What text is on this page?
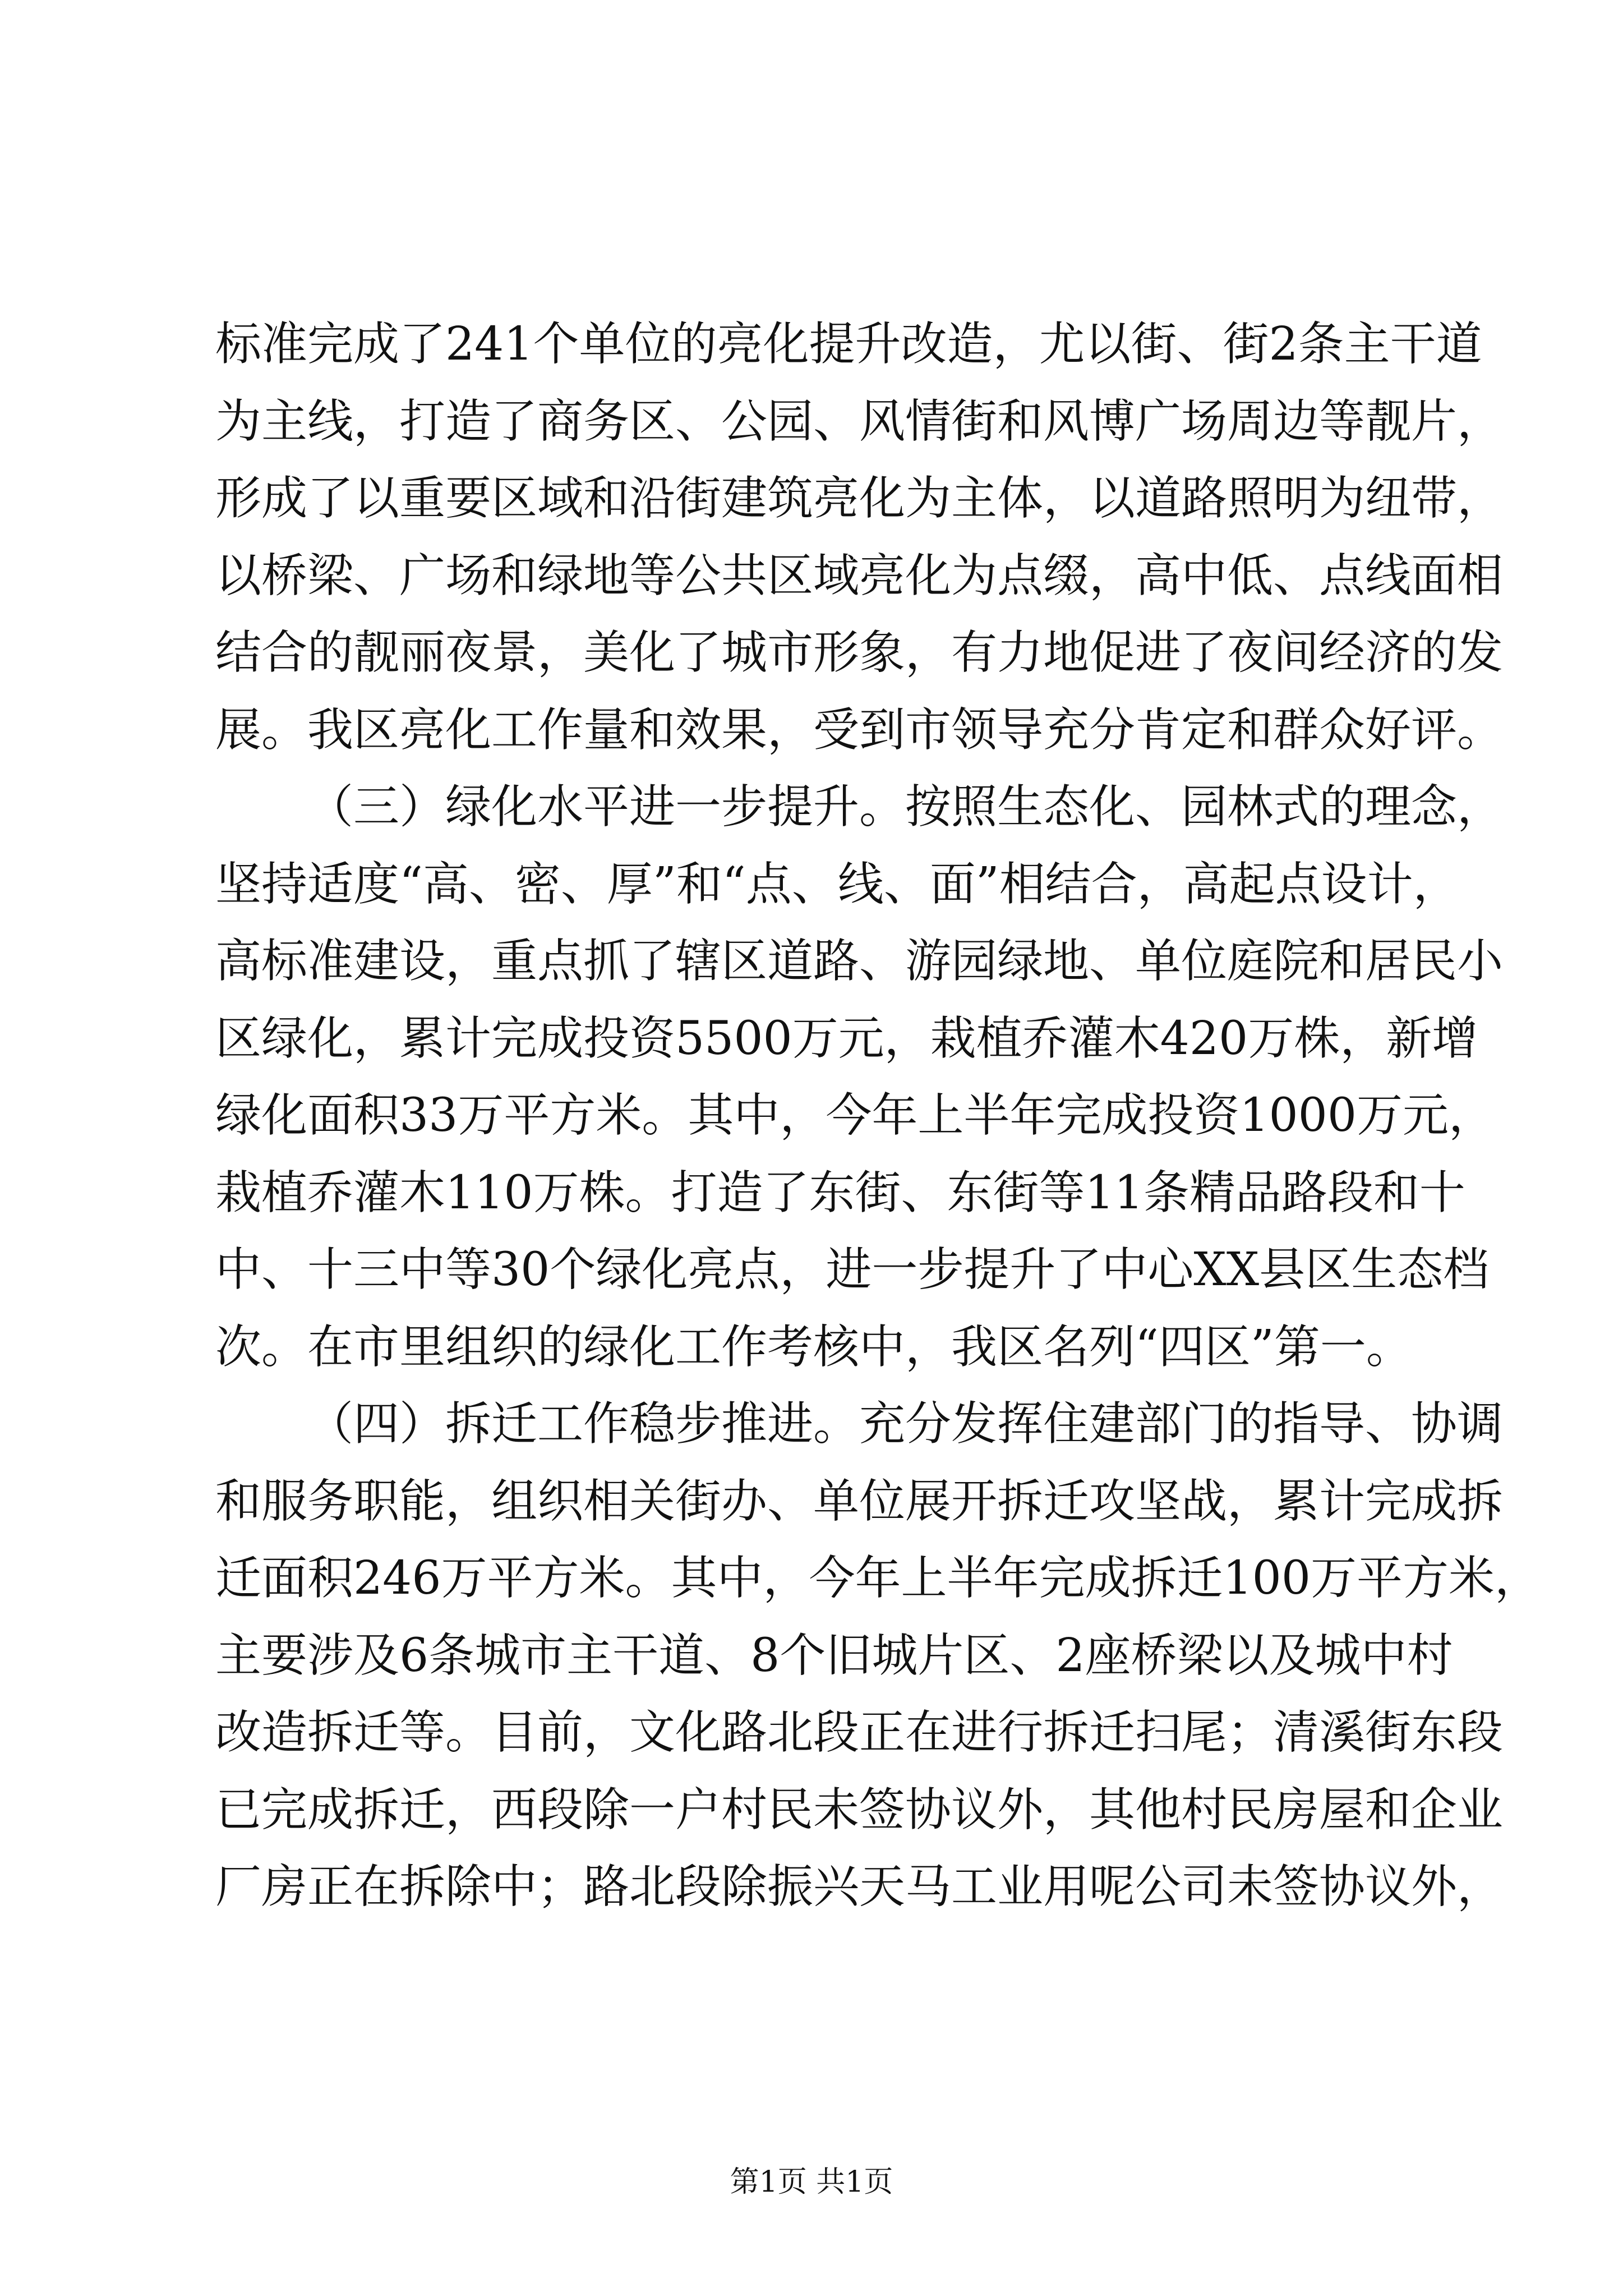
标准完成了241个单位的亮化提升改造，尤以街、街2条主干道
为主线，打造了商务区、公园、风情街和风博广场周边等靓片，
形成了以重要区域和沿街建筑亮化为主体，以道路照明为纽带，
以桥梁、广场和绿地等公共区域亮化为点缀，高中低、点线面相
结合的靓丽夜景，美化了城市形象，有力地促进了夜间经济的发
展。我区亮化工作量和效果，受到市领导充分肯定和群众好评。
（三）绿化水平进一步提升。按照生态化、园林式的理念，
坚持适度“高、密、厚”和“点、线、面”相结合，高起点设计，
高标准建设，重点抓了辖区道路、游园绿地、单位庭院和居民小
区绿化，累计完成投资5500万元，栽植乔灌木420万株，新增
绿化面积33万平方米。其中，今年上半年完成投资1000万元，
栽植乔灌木110万株。打造了东街、东街等11条精品路段和十
中、十三中等30个绿化亮点，进一步提升了中心XX县区生态档
次。在市里组织的绿化工作考核中，我区名列“四区”第一。
（四）拆迁工作稳步推进。充分发挥住建部门的指导、协调
和服务职能，组织相关街办、单位展开拆迁攻坚战，累计完成拆
迁面积246万平方米。其中，今年上半年完成拆迁100万平方米，
主要涉及6条城市主干道、8个旧城片区、2座桥梁以及城中村
改造拆迁等。目前，文化路北段正在进行拆迁扫尾；清溪街东段
已完成拆迁，西段除一户村民未签协议外，其他村民房屋和企业
厂房正在拆除中；路北段除振兴天马工业用呢公司未签协议外，
第1页 共1页
